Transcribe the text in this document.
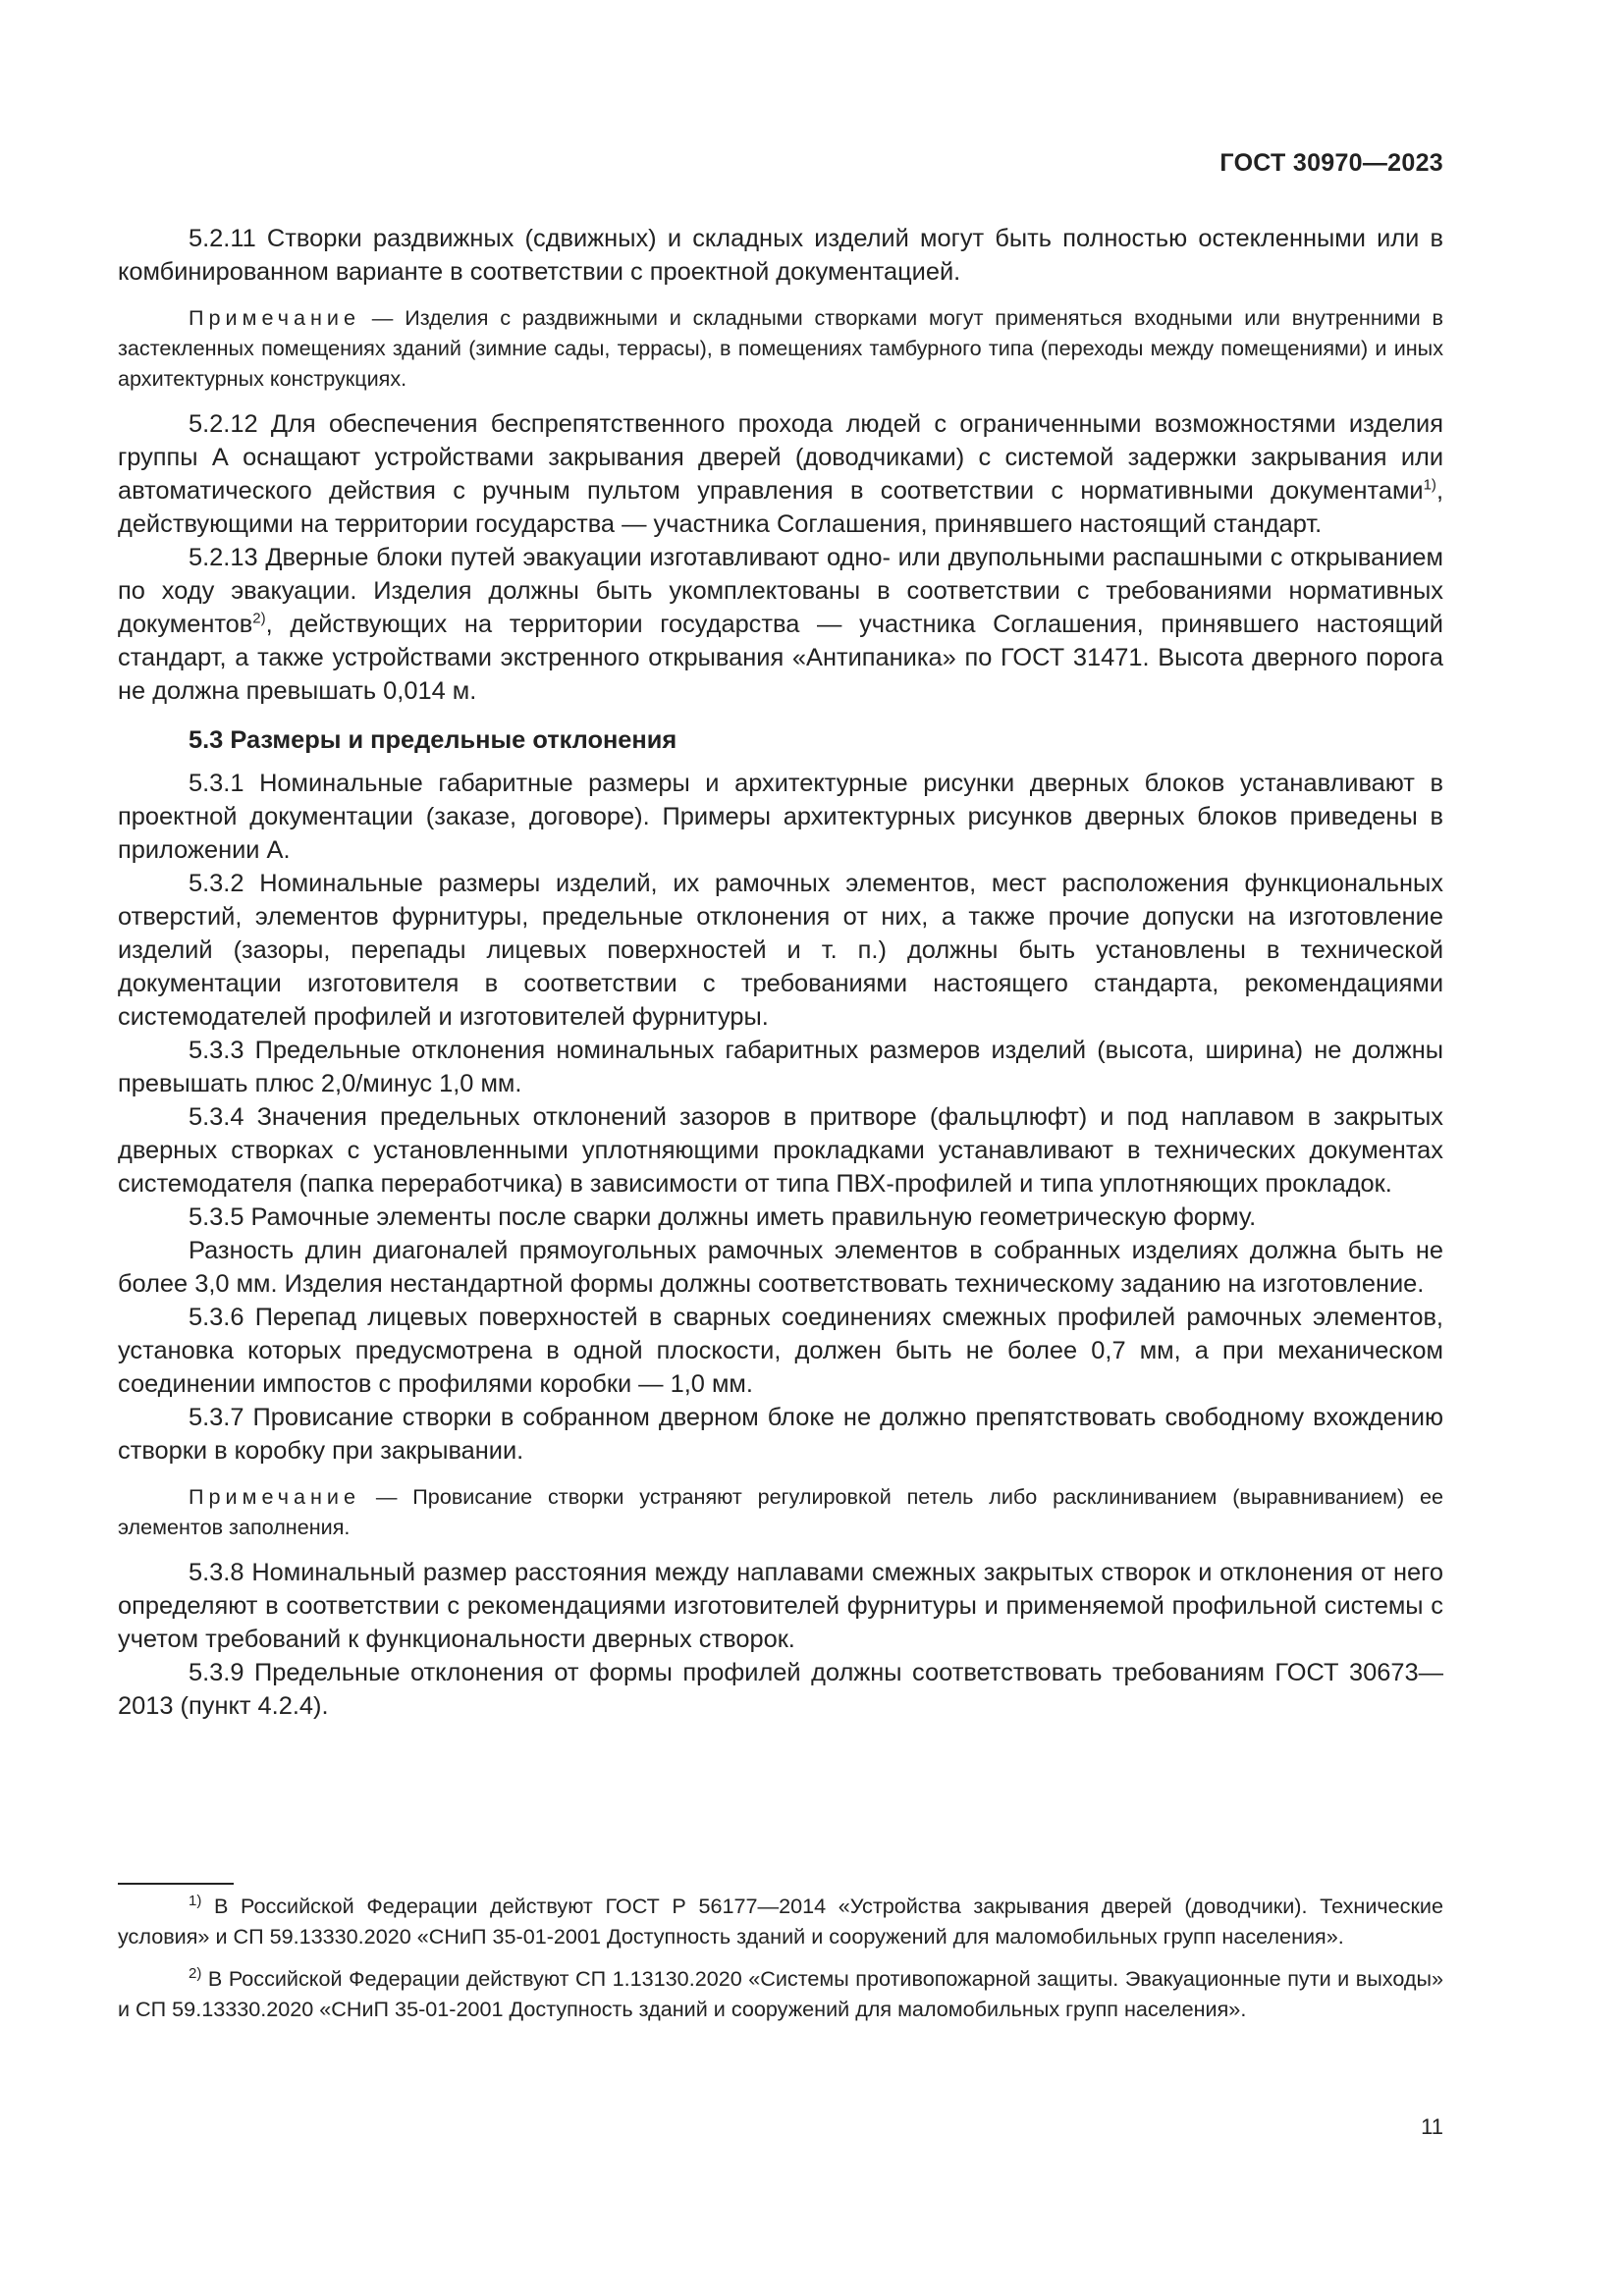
ГОСТ 30970—2023

5.2.11 Створки раздвижных (сдвижных) и складных изделий могут быть полностью остекленными или в комбинированном варианте в соответствии с проектной документацией.

Примечание — Изделия с раздвижными и складными створками могут применяться входными или внутренними в застекленных помещениях зданий (зимние сады, террасы), в помещениях тамбурного типа (переходы между помещениями) и иных архитектурных конструкциях.

5.2.12 Для обеспечения беспрепятственного прохода людей с ограниченными возможностями изделия группы А оснащают устройствами закрывания дверей (доводчиками) с системой задержки закрывания или автоматического действия с ручным пультом управления в соответствии с нормативными документами$^{1)}$, действующими на территории государства — участника Соглашения, принявшего настоящий стандарт.

5.2.13 Дверные блоки путей эвакуации изготавливают одно- или двупольными распашными с открыванием по ходу эвакуации. Изделия должны быть укомплектованы в соответствии с требованиями нормативных документов$^{2)}$, действующих на территории государства — участника Соглашения, принявшего настоящий стандарт, а также устройствами экстренного открывания «Антипаника» по ГОСТ 31471. Высота дверного порога не должна превышать 0,014 м.

5.3 Размеры и предельные отклонения

5.3.1 Номинальные габаритные размеры и архитектурные рисунки дверных блоков устанавливают в проектной документации (заказе, договоре). Примеры архитектурных рисунков дверных блоков приведены в приложении А.

5.3.2 Номинальные размеры изделий, их рамочных элементов, мест расположения функциональных отверстий, элементов фурнитуры, предельные отклонения от них, а также прочие допуски на изготовление изделий (зазоры, перепады лицевых поверхностей и т. п.) должны быть установлены в технической документации изготовителя в соответствии с требованиями настоящего стандарта, рекомендациями системодателей профилей и изготовителей фурнитуры.

5.3.3 Предельные отклонения номинальных габаритных размеров изделий (высота, ширина) не должны превышать плюс 2,0/минус 1,0 мм.

5.3.4 Значения предельных отклонений зазоров в притворе (фальцлюфт) и под наплавом в закрытых дверных створках с установленными уплотняющими прокладками устанавливают в технических документах системодателя (папка переработчика) в зависимости от типа ПВХ-профилей и типа уплотняющих прокладок.

5.3.5 Рамочные элементы после сварки должны иметь правильную геометрическую форму.

Разность длин диагоналей прямоугольных рамочных элементов в собранных изделиях должна быть не более 3,0 мм. Изделия нестандартной формы должны соответствовать техническому заданию на изготовление.

5.3.6 Перепад лицевых поверхностей в сварных соединениях смежных профилей рамочных элементов, установка которых предусмотрена в одной плоскости, должен быть не более 0,7 мм, а при механическом соединении импостов с профилями коробки — 1,0 мм.

5.3.7 Провисание створки в собранном дверном блоке не должно препятствовать свободному вхождению створки в коробку при закрывании.

Примечание — Провисание створки устраняют регулировкой петель либо расклиниванием (выравниванием) ее элементов заполнения.

5.3.8 Номинальный размер расстояния между наплавами смежных закрытых створок и отклонения от него определяют в соответствии с рекомендациями изготовителей фурнитуры и применяемой профильной системы с учетом требований к функциональности дверных створок.

5.3.9 Предельные отклонения от формы профилей должны соответствовать требованиям ГОСТ 30673—2013 (пункт 4.2.4).

$^{1)}$ В Российской Федерации действуют ГОСТ Р 56177—2014 «Устройства закрывания дверей (доводчики). Технические условия» и СП 59.13330.2020 «СНиП 35-01-2001 Доступность зданий и сооружений для маломобильных групп населения».

$^{2)}$ В Российской Федерации действуют СП 1.13130.2020 «Системы противопожарной защиты. Эвакуационные пути и выходы» и СП 59.13330.2020 «СНиП 35-01-2001 Доступность зданий и сооружений для маломобильных групп населения».

11
